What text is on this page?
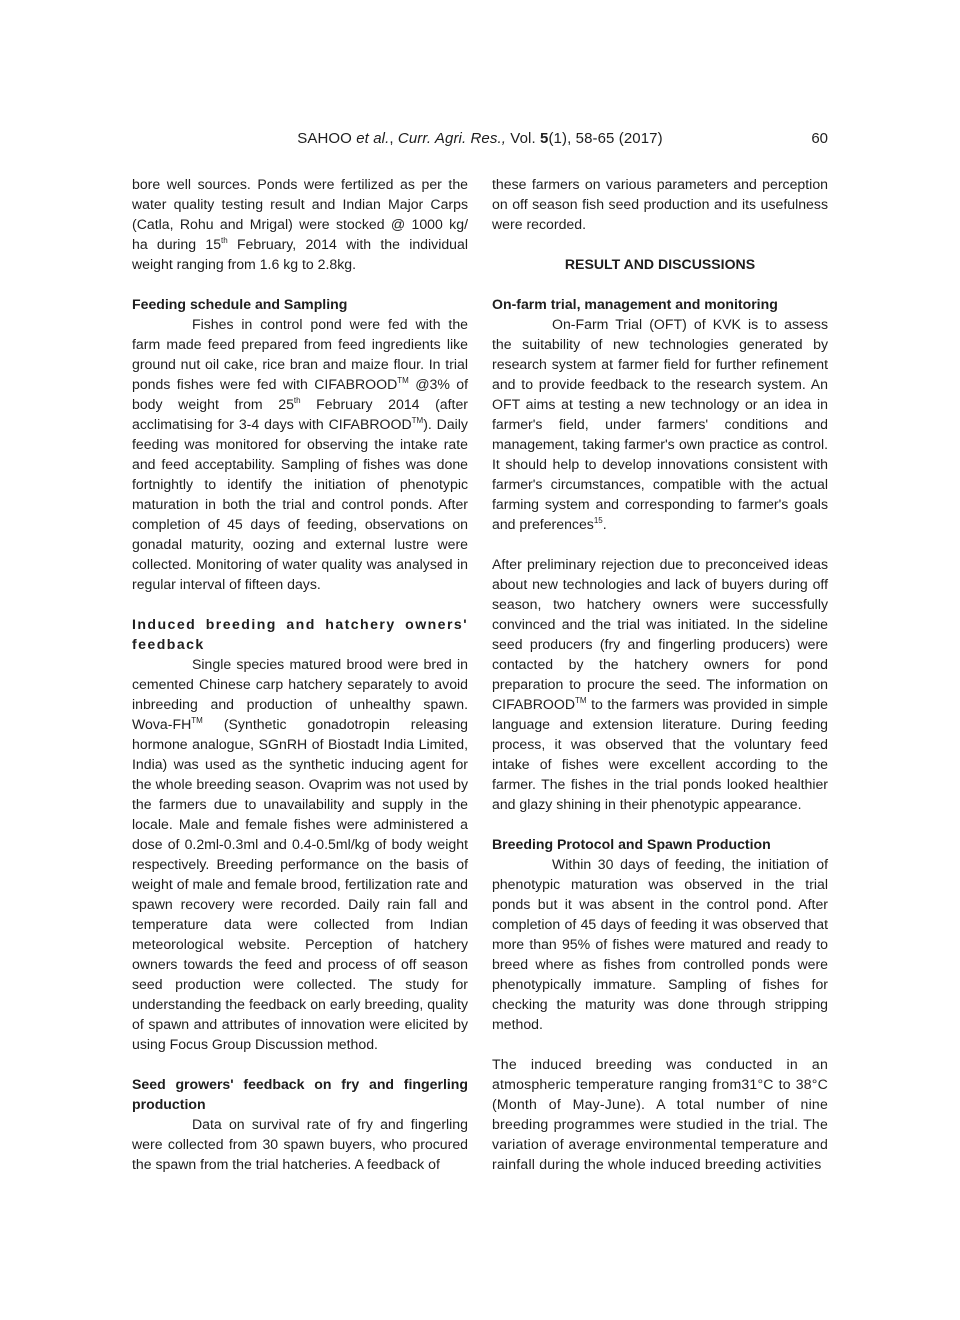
SAHOO et al., Curr. Agri. Res., Vol. 5(1), 58-65 (2017)	60

bore well sources. Ponds were fertilized as per the water quality testing result and Indian Major Carps (Catla, Rohu and Mrigal) were stocked @ 1000 kg/ ha during 15th February, 2014 with the individual weight ranging from 1.6 kg to 2.8kg.

Feeding schedule and Sampling

Fishes in control pond were fed with the farm made feed prepared from feed ingredients like ground nut oil cake, rice bran and maize flour. In trial ponds fishes were fed with CIFABROOD™ @3% of body weight from 25th February 2014 (after acclimatising for 3-4 days with CIFABROOD™). Daily feeding was monitored for observing the intake rate and feed acceptability. Sampling of fishes was done fortnightly to identify the initiation of phenotypic maturation in both the trial and control ponds. After completion of 45 days of feeding, observations on gonadal maturity, oozing and external lustre were collected. Monitoring of water quality was analysed in regular interval of fifteen days.

Induced breeding and hatchery owners' feedback

Single species matured brood were bred in cemented Chinese carp hatchery separately to avoid inbreeding and production of unhealthy spawn. Wova-FH™ (Synthetic gonadotropin releasing hormone analogue, SGnRH of Biostadt India Limited, India) was used as the synthetic inducing agent for the whole breeding season. Ovaprim was not used by the farmers due to unavailability and supply in the locale. Male and female fishes were administered a dose of 0.2ml-0.3ml and 0.4-0.5ml/kg of body weight respectively. Breeding performance on the basis of weight of male and female brood, fertilization rate and spawn recovery were recorded. Daily rain fall and temperature data were collected from Indian meteorological website. Perception of hatchery owners towards the feed and process of off season seed production were collected. The study for understanding the feedback on early breeding, quality of spawn and attributes of innovation were elicited by using Focus Group Discussion method.

Seed growers' feedback on fry and fingerling production

Data on survival rate of fry and fingerling were collected from 30 spawn buyers, who procured the spawn from the trial hatcheries. A feedback of

these farmers on various parameters and perception on off season fish seed production and its usefulness were recorded.

RESULT AND DISCUSSIONS
On-farm trial, management and monitoring

On-Farm Trial (OFT) of KVK is to assess the suitability of new technologies generated by research system at farmer field for further refinement and to provide feedback to the research system. An OFT aims at testing a new technology or an idea in farmer's field, under farmers' conditions and management, taking farmer's own practice as control. It should help to develop innovations consistent with farmer's circumstances, compatible with the actual farming system and corresponding to farmer's goals and preferences$^{15}$.

After preliminary rejection due to preconceived ideas about new technologies and lack of buyers during off season, two hatchery owners were successfully convinced and the trial was initiated. In the sideline seed producers (fry and fingerling producers) were contacted by the hatchery owners for pond preparation to procure the seed. The information on CIFABROOD™ to the farmers was provided in simple language and extension literature. During feeding process, it was observed that the voluntary feed intake of fishes were excellent according to the farmer. The fishes in the trial ponds looked healthier and glazy shining in their phenotypic appearance.

Breeding Protocol and Spawn Production

Within 30 days of feeding, the initiation of phenotypic maturation was observed in the trial ponds but it was absent in the control pond. After completion of 45 days of feeding it was observed that more than 95% of fishes were matured and ready to breed where as fishes from controlled ponds were phenotypically immature. Sampling of fishes for checking the maturity was done through stripping method.

The induced breeding was conducted in an atmospheric temperature ranging from31°C to 38°C (Month of May-June). A total number of nine breeding programmes were studied in the trial. The variation of average environmental temperature and rainfall during the whole induced breeding activities
